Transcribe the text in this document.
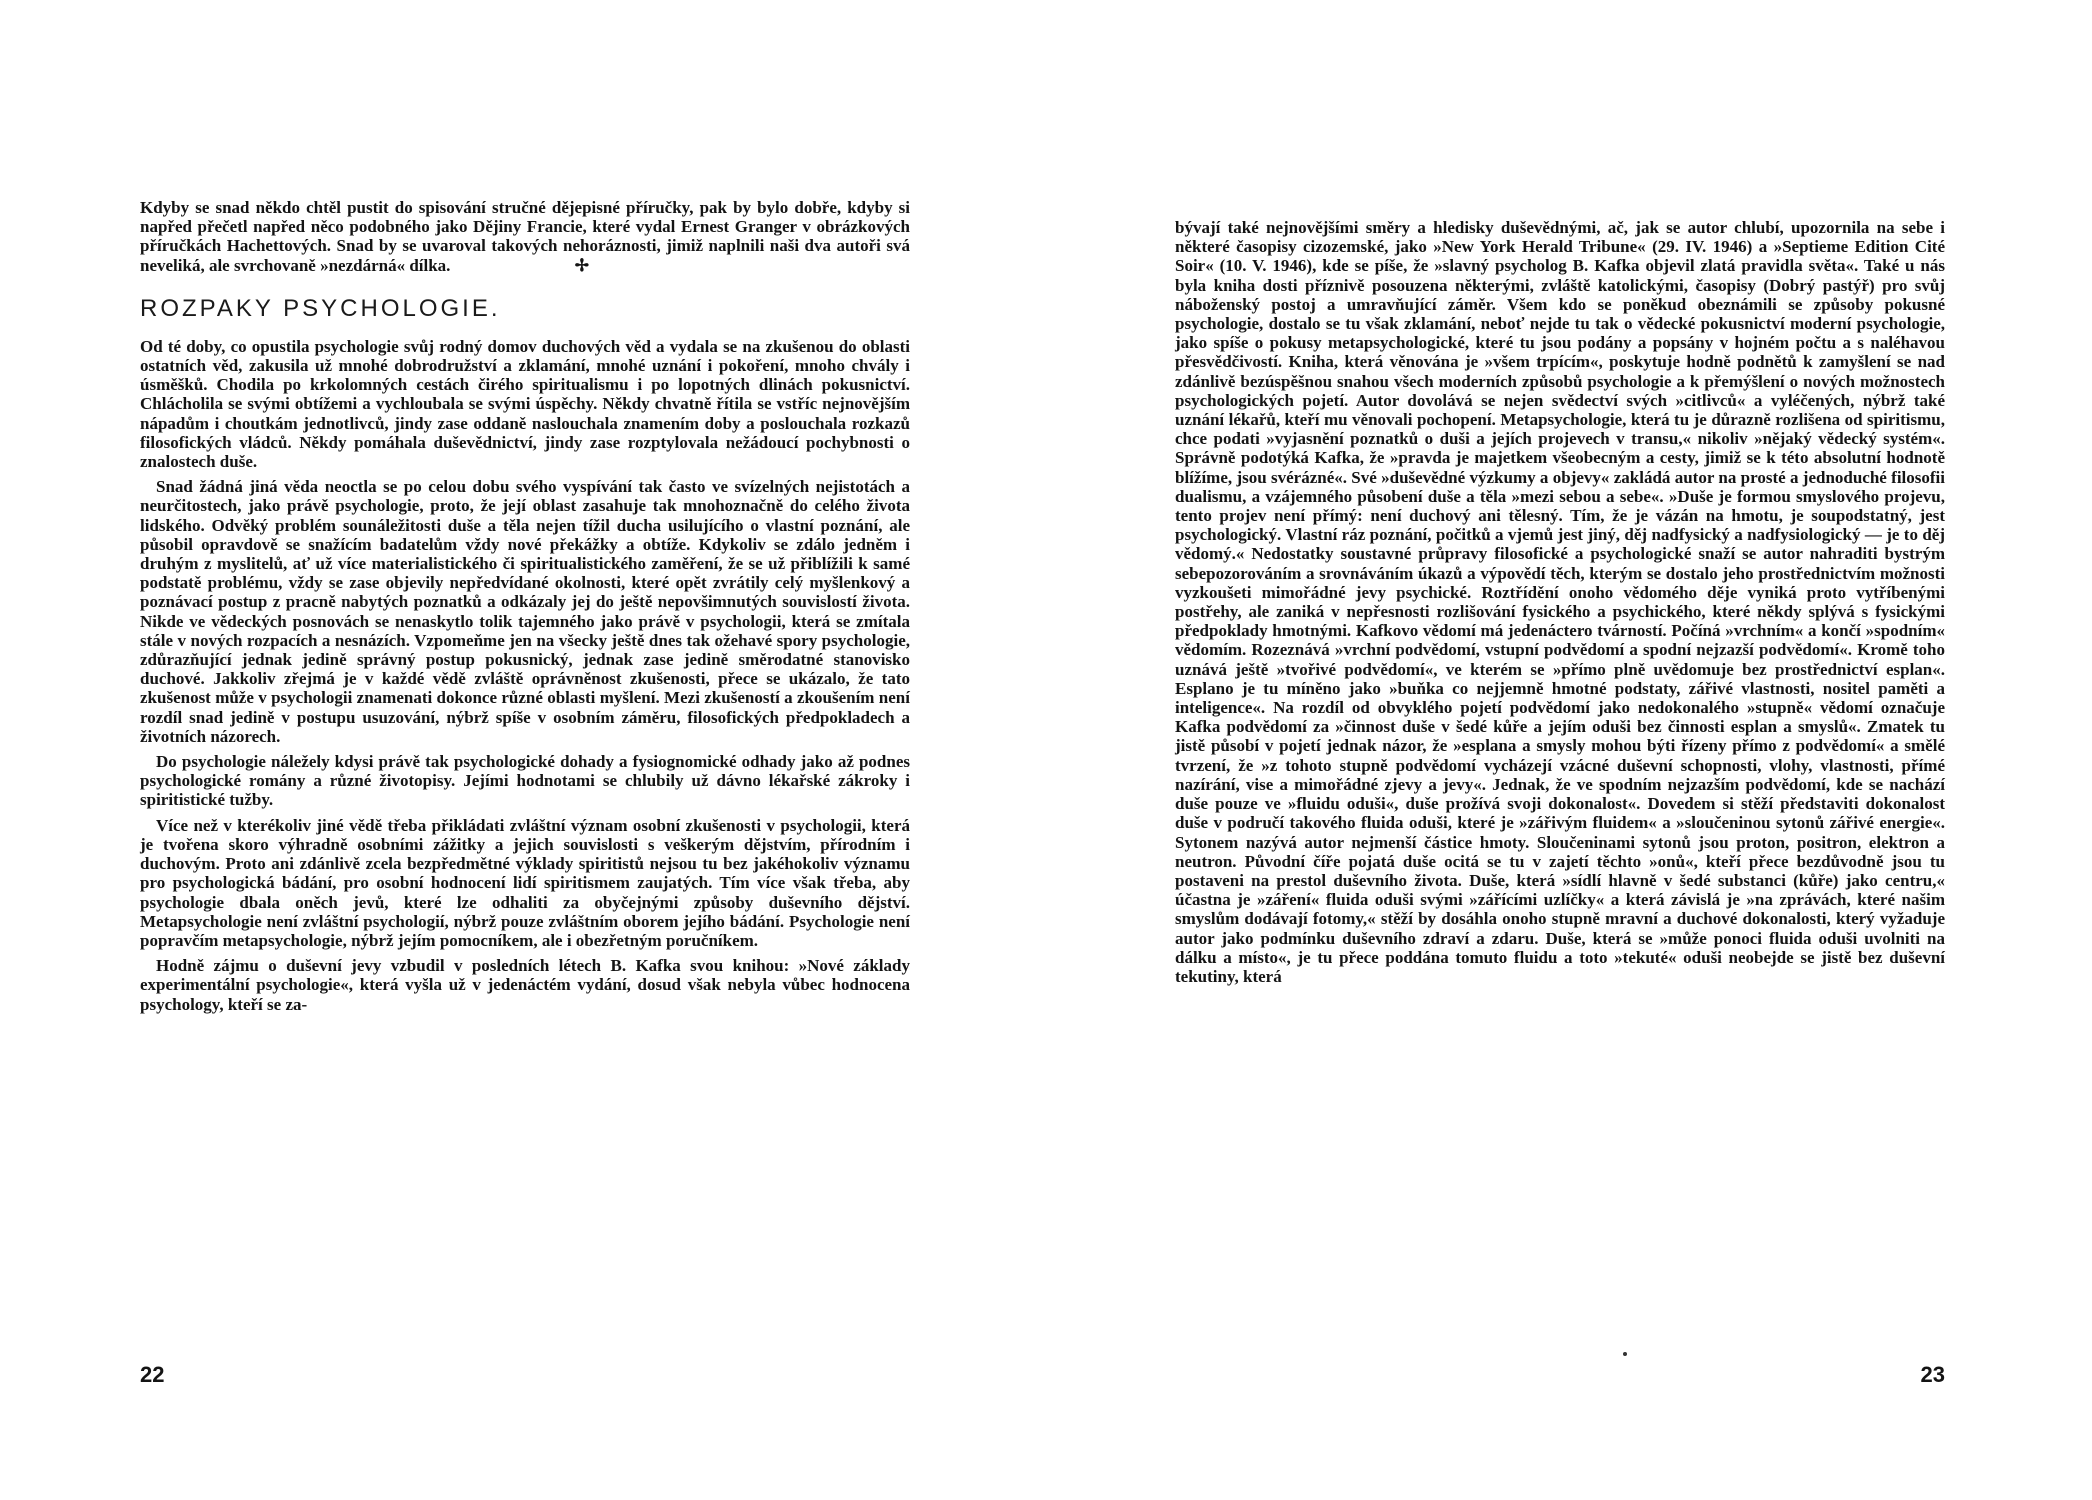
Kdyby se snad někdo chtěl pustit do spisování stručné dějepisné příručky, pak by bylo dobře, kdyby si napřed přečetl napřed něco podobného jako Dějiny Francie, které vydal Ernest Granger v obrázkových příručkách Hachettových. Snad by se uvaroval takových nehoráznosti, jimiž naplnili naši dva autoři svá neveliká, ale svrchovaně »nezdárná« dílka.	✢

ROZPAKY PSYCHOLOGIE.

Od té doby, co opustila psychologie svůj rodný domov duchových věd a vydala se na zkušenou do oblasti ostatních věd, zakusila už mnohé dobrodružství a zklamání, mnohé uznání i pokoření, mnoho chvály i úsměšků. Chodila po krkolomných cestách čirého spiritualismu i po lopotných dlinách pokusnictví. Chlácholila se svými obtížemi a vychloubala se svými úspěchy. Někdy chvatně řítila se vstříc nejnovějším nápadům i choutkám jednotlivců, jindy zase oddaně naslouchala znamením doby a poslouchala rozkazů filosofických vládců. Někdy pomáhala duševědnictví, jindy zase rozptylovala nežádoucí pochybnosti o znalostech duše.

Snad žádná jiná věda neoctla se po celou dobu svého vyspívání tak často ve svízelných nejistotách a neurčitostech, jako právě psychologie, proto, že její oblast zasahuje tak mnohoznačně do celého života lidského. Odvěký problém sounáležitosti duše a těla nejen tížil ducha usilujícího o vlastní poznání, ale působil opravdově se snažícím badatelům vždy nové překážky a obtíže. Kdykoliv se zdálo jedněm i druhým z myslitelů, ať už více materialistického či spiritualistického zaměření, že se už přiblížili k samé podstatě problému, vždy se zase objevily nepředvídané okolnosti, které opět zvrátily celý myšlenkový a poznávací postup z pracně nabytých poznatků a odkázaly jej do ještě nepovšimnutých souvislostí života. Nikde ve vědeckých posnovách se nenaskytlo tolik tajemného jako právě v psychologii, která se zmítala stále v nových rozpacích a nesnázích. Vzpomeňme jen na všecky ještě dnes tak ožehavé spory psychologie, zdůrazňující jednak jedině správný postup pokusnický, jednak zase jedině směrodatné stanovisko duchové. Jakkoliv zřejmá je v každé vědě zvláště oprávněnost zkušenosti, přece se ukázalo, že tato zkušenost může v psychologii znamenati dokonce různé oblasti myšlení. Mezi zkušeností a zkoušením není rozdíl snad jedině v postupu usuzování, nýbrž spíše v osobním záměru, filosofických předpokladech a životních názorech.

Do psychologie náležely kdysi právě tak psychologické dohady a fysiognomické odhady jako až podnes psychologické romány a různé životopisy. Jejími hodnotami se chlubily už dávno lékařské zákroky i spiritistické tužby.

Více než v kterékoliv jiné vědě třeba přikládati zvláštní význam osobní zkušenosti v psychologii, která je tvořena skoro výhradně osobními zážitky a jejich souvislosti s veškerým dějstvím, přírodním i duchovým. Proto ani zdánlivě zcela bezpředmětné výklady spiritistů nejsou tu bez jakéhokoliv významu pro psychologická bádání, pro osobní hodnocení lidí spiritismem zaujatých. Tím více však třeba, aby psychologie dbala oněch jevů, které lze odhaliti za obyčejnými způsoby duševního dějství. Metapsychologie není zvláštní psychologií, nýbrž pouze zvláštním oborem jejího bádání. Psychologie není popravčím metapsychologie, nýbrž jejím pomocníkem, ale i obezřetným poručníkem.

Hodně zájmu o duševní jevy vzbudil v posledních létech B. Kafka svou knihou: »Nové základy experimentální psychologie«, která vyšla už v jedenáctém vydání, dosud však nebyla vůbec hodnocena psychology, kteří se za-

22

bývají také nejnovějšími směry a hledisky duševědnými, ač, jak se autor chlubí, upozornila na sebe i některé časopisy cizozemské, jako »New York Herald Tribune« (29. IV. 1946) a »Septieme Edition Cité Soir« (10. V. 1946), kde se píše, že »slavný psycholog B. Kafka objevil zlatá pravidla světa«. Také u nás byla kniha dosti příznivě posouzena některými, zvláště katolickými, časopisy (Dobrý pastýř) pro svůj náboženský postoj a umravňující záměr. Všem kdo se poněkud obeznámili se způsoby pokusné psychologie, dostalo se tu však zklamání, neboť nejde tu tak o vědecké pokusnictví moderní psychologie, jako spíše o pokusy metapsychologické, které tu jsou podány a popsány v hojném počtu a s naléhavou přesvědčivostí. Kniha, která věnována je »všem trpícím«, poskytuje hodně podnětů k zamyšlení se nad zdánlivě bezúspěšnou snahou všech moderních způsobů psychologie a k přemýšlení o nových možnostech psychologických pojetí. Autor dovolává se nejen svědectví svých »citlivců« a vyléčených, nýbrž také uznání lékařů, kteří mu věnovali pochopení. Metapsychologie, která tu je důrazně rozlišena od spiritismu, chce podati »vyjasnění poznatků o duši a jejích projevech v transu,« nikoliv »nějaký vědecký systém«. Správně podotýká Kafka, že »pravda je majetkem všeobecným a cesty, jimiž se k této absolutní hodnotě blížíme, jsou svérázné«. Své »duševědné výzkumy a objevy« zakládá autor na prosté a jednoduché filosofii dualismu, a vzájemného působení duše a těla »mezi sebou a sebe«. »Duše je formou smyslového projevu, tento projev není přímý: není duchový ani tělesný. Tím, že je vázán na hmotu, je soupodstatný, jest psychologický. Vlastní ráz poznání, počitků a vjemů jest jiný, děj nadfysický a nadfysiologický — je to děj vědomý.« Nedostatky soustavné průpravy filosofické a psychologické snaží se autor nahraditi bystrým sebepozorováním a srovnáváním úkazů a výpovědí těch, kterým se dostalo jeho prostřednictvím možnosti vyzkoušeti mimořádné jevy psychické. Roztřídění onoho vědomého děje vyniká proto vytříbenými postřehy, ale zaniká v nepřesnosti rozlišování fysického a psychického, které někdy splývá s fysickými předpoklady hmotnými. Kafkovo vědomí má jedenáctero tvárností. Počíná »vrchním« a končí »spodním« vědomím. Rozeznává »vrchní podvědomí, vstupní podvědomí a spodní nejzazší podvědomí«. Kromě toho uznává ještě »tvořivé podvědomí«, ve kterém se »přímo plně uvědomuje bez prostřednictví esplan«. Esplano je tu míněno jako »buňka co nejjemně hmotné podstaty, zářivé vlastnosti, nositel paměti a inteligence«. Na rozdíl od obvyklého pojetí podvědomí jako nedokonalého »stupně« vědomí označuje Kafka podvědomí za »činnost duše v šedé kůře a jejím oduši bez činnosti esplan a smyslů«. Zmatek tu jistě působí v pojetí jednak názor, že »esplana a smysly mohou býti řízeny přímo z podvědomí« a smělé tvrzení, že »z tohoto stupně podvědomí vycházejí vzácné duševní schopnosti, vlohy, vlastnosti, přímé nazírání, vise a mimořádné zjevy a jevy«. Jednak, že ve spodním nejzazším podvědomí, kde se nachází duše pouze ve »fluidu oduši«, duše prožívá svoji dokonalost«. Dovedem si stěží představiti dokonalost duše v područí takového fluida oduši, které je »zářivým fluidem« a »sloučeninou sytonů zářivé energie«. Sytonem nazývá autor nejmenší částice hmoty. Sloučeninami sytonů jsou proton, positron, elektron a neutron. Původní číře pojatá duše ocitá se tu v zajetí těchto »onů«, kteří přece bezdůvodně jsou tu postaveni na prestol duševního života. Duše, která »sídlí hlavně v šedé substanci (kůře) jako centru,« účastna je »záření« fluida oduši svými »zářícími uzlíčky« a která závislá je »na zprávách, které našim smyslům dodávají fotomy,« stěží by dosáhla onoho stupně mravní a duchové dokonalosti, který vyžaduje autor jako podmínku duševního zdraví a zdaru. Duše, která se »může ponoci fluida oduši uvolniti na dálku a místo«, je tu přece poddána tomuto fluidu a toto »tekuté« oduši neobejde se jistě bez duševní tekutiny, která

23
